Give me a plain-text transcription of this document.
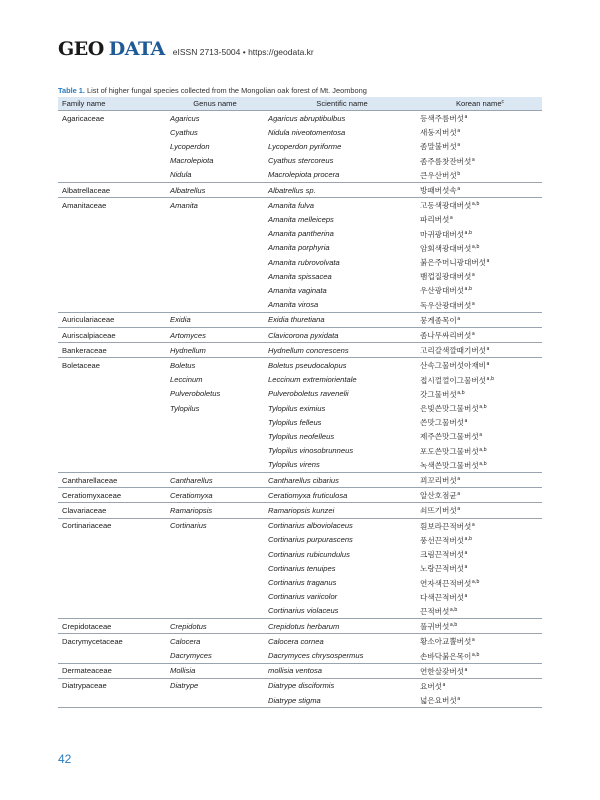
GEO DATA eISSN 2713-5004 • https://geodata.kr
Table 1. List of higher fungal species collected from the Mongolian oak forest of Mt. Jeombong
Family name	Genus name	Scientific name	Korean name$^c$
Agaricaceae	Agaricus	Agaricus abruptibulbus	등색주름버섯$^a$
	Cyathus	Nidula niveotomentosa	새둥지버섯$^a$
	Lycoperdon	Lycoperdon pyriforme	좀말불버섯$^a$
	Macrolepiota	Cyathus stercoreus	좀주름찻잔버섯$^a$
	Nidula	Macrolepiota procera	큰우산버섯$^b$
Albatrellaceae	Albatrellus	Albatrellus sp.	방패버섯속$^a$
Amanitaceae	Amanita	Amanita fulva	고동색광대버섯$^{a,b}$
		Amanita melleiceps	파리버섯$^a$
		Amanita pantherina	마귀광대버섯$^{a,b}$
		Amanita porphyria	암회색광대버섯$^{a,b}$
		Amanita rubrovolvata	붉은주머니광대버섯$^a$
		Amanita spissacea	뱀껍질광대버섯$^a$
		Amanita vaginata	우산광대버섯$^{a,b}$
		Amanita virosa	독우산광대버섯$^a$
Auriculariaceae	Exidia	Exidia thuretiana	뭉게좀목이$^a$
Auriscalpiaceae	Artomyces	Clavicorona pyxidata	좀나무싸리버섯$^a$
Bankeraceae	Hydnellum	Hydnellum concrescens	고리갈색깔때기버섯$^a$
Boletaceae	Boletus	Boletus pseudocalopus	산속그물버섯아재비$^a$
	Leccinum	Leccinum extremiorientale	접시껄껄이그물버섯$^{a,b}$
	Pulveroboletus	Pulveroboletus ravenelii	갓그물버섯$^{a,b}$
	Tylopilus	Tylopilus eximius	은빛쓴맛그물버섯$^{a,b}$
		Tylopilus felleus	쓴맛그물버섯$^a$
		Tylopilus neofelleus	제주쓴맛그물버섯$^a$
		Tylopilus vinosobrunneus	포도쓴맛그물버섯$^{a,b}$
		Tylopilus virens	녹색쓴맛그물버섯$^{a,b}$
Cantharellaceae	Cantharellus	Cantharellus cibarius	꾀꼬리버섯$^a$
Ceratiomyxaceae	Ceratiomyxa	Ceratiomyxa fruticulosa	알산호점균$^a$
Clavariaceae	Ramariopsis	Ramariopsis kunzei	쇠뜨기버섯$^a$
Cortinariaceae	Cortinarius	Cortinarius alboviolaceus	흰보라끈적버섯$^a$
		Cortinarius purpurascens	풍선끈적버섯$^{a,b}$
		Cortinarius rubicundulus	크림끈적버섯$^a$
		Cortinarius tenuipes	노랑끈적버섯$^a$
		Cortinarius traganus	연자색끈적버섯$^{a,b}$
		Cortinarius variicolor	다색끈적버섯$^a$
		Cortinarius violaceus	끈적버섯$^{a,b}$
Crepidotaceae	Crepidotus	Crepidotus herbarum	풀귀버섯$^{a,b}$
Dacrymycetaceae	Calocera	Calocera cornea	황소아교뿔버섯$^a$
	Dacrymyces	Dacrymyces chrysospermus	손바닥붉은목이$^{a,b}$
Dermateaceae	Mollisia	mollisia ventosa	연한살갗버섯$^a$
Diatrypaceae	Diatrype	Diatrype disciformis	요버섯$^a$
		Diatrype stigma	넓은요버섯$^a$
42
